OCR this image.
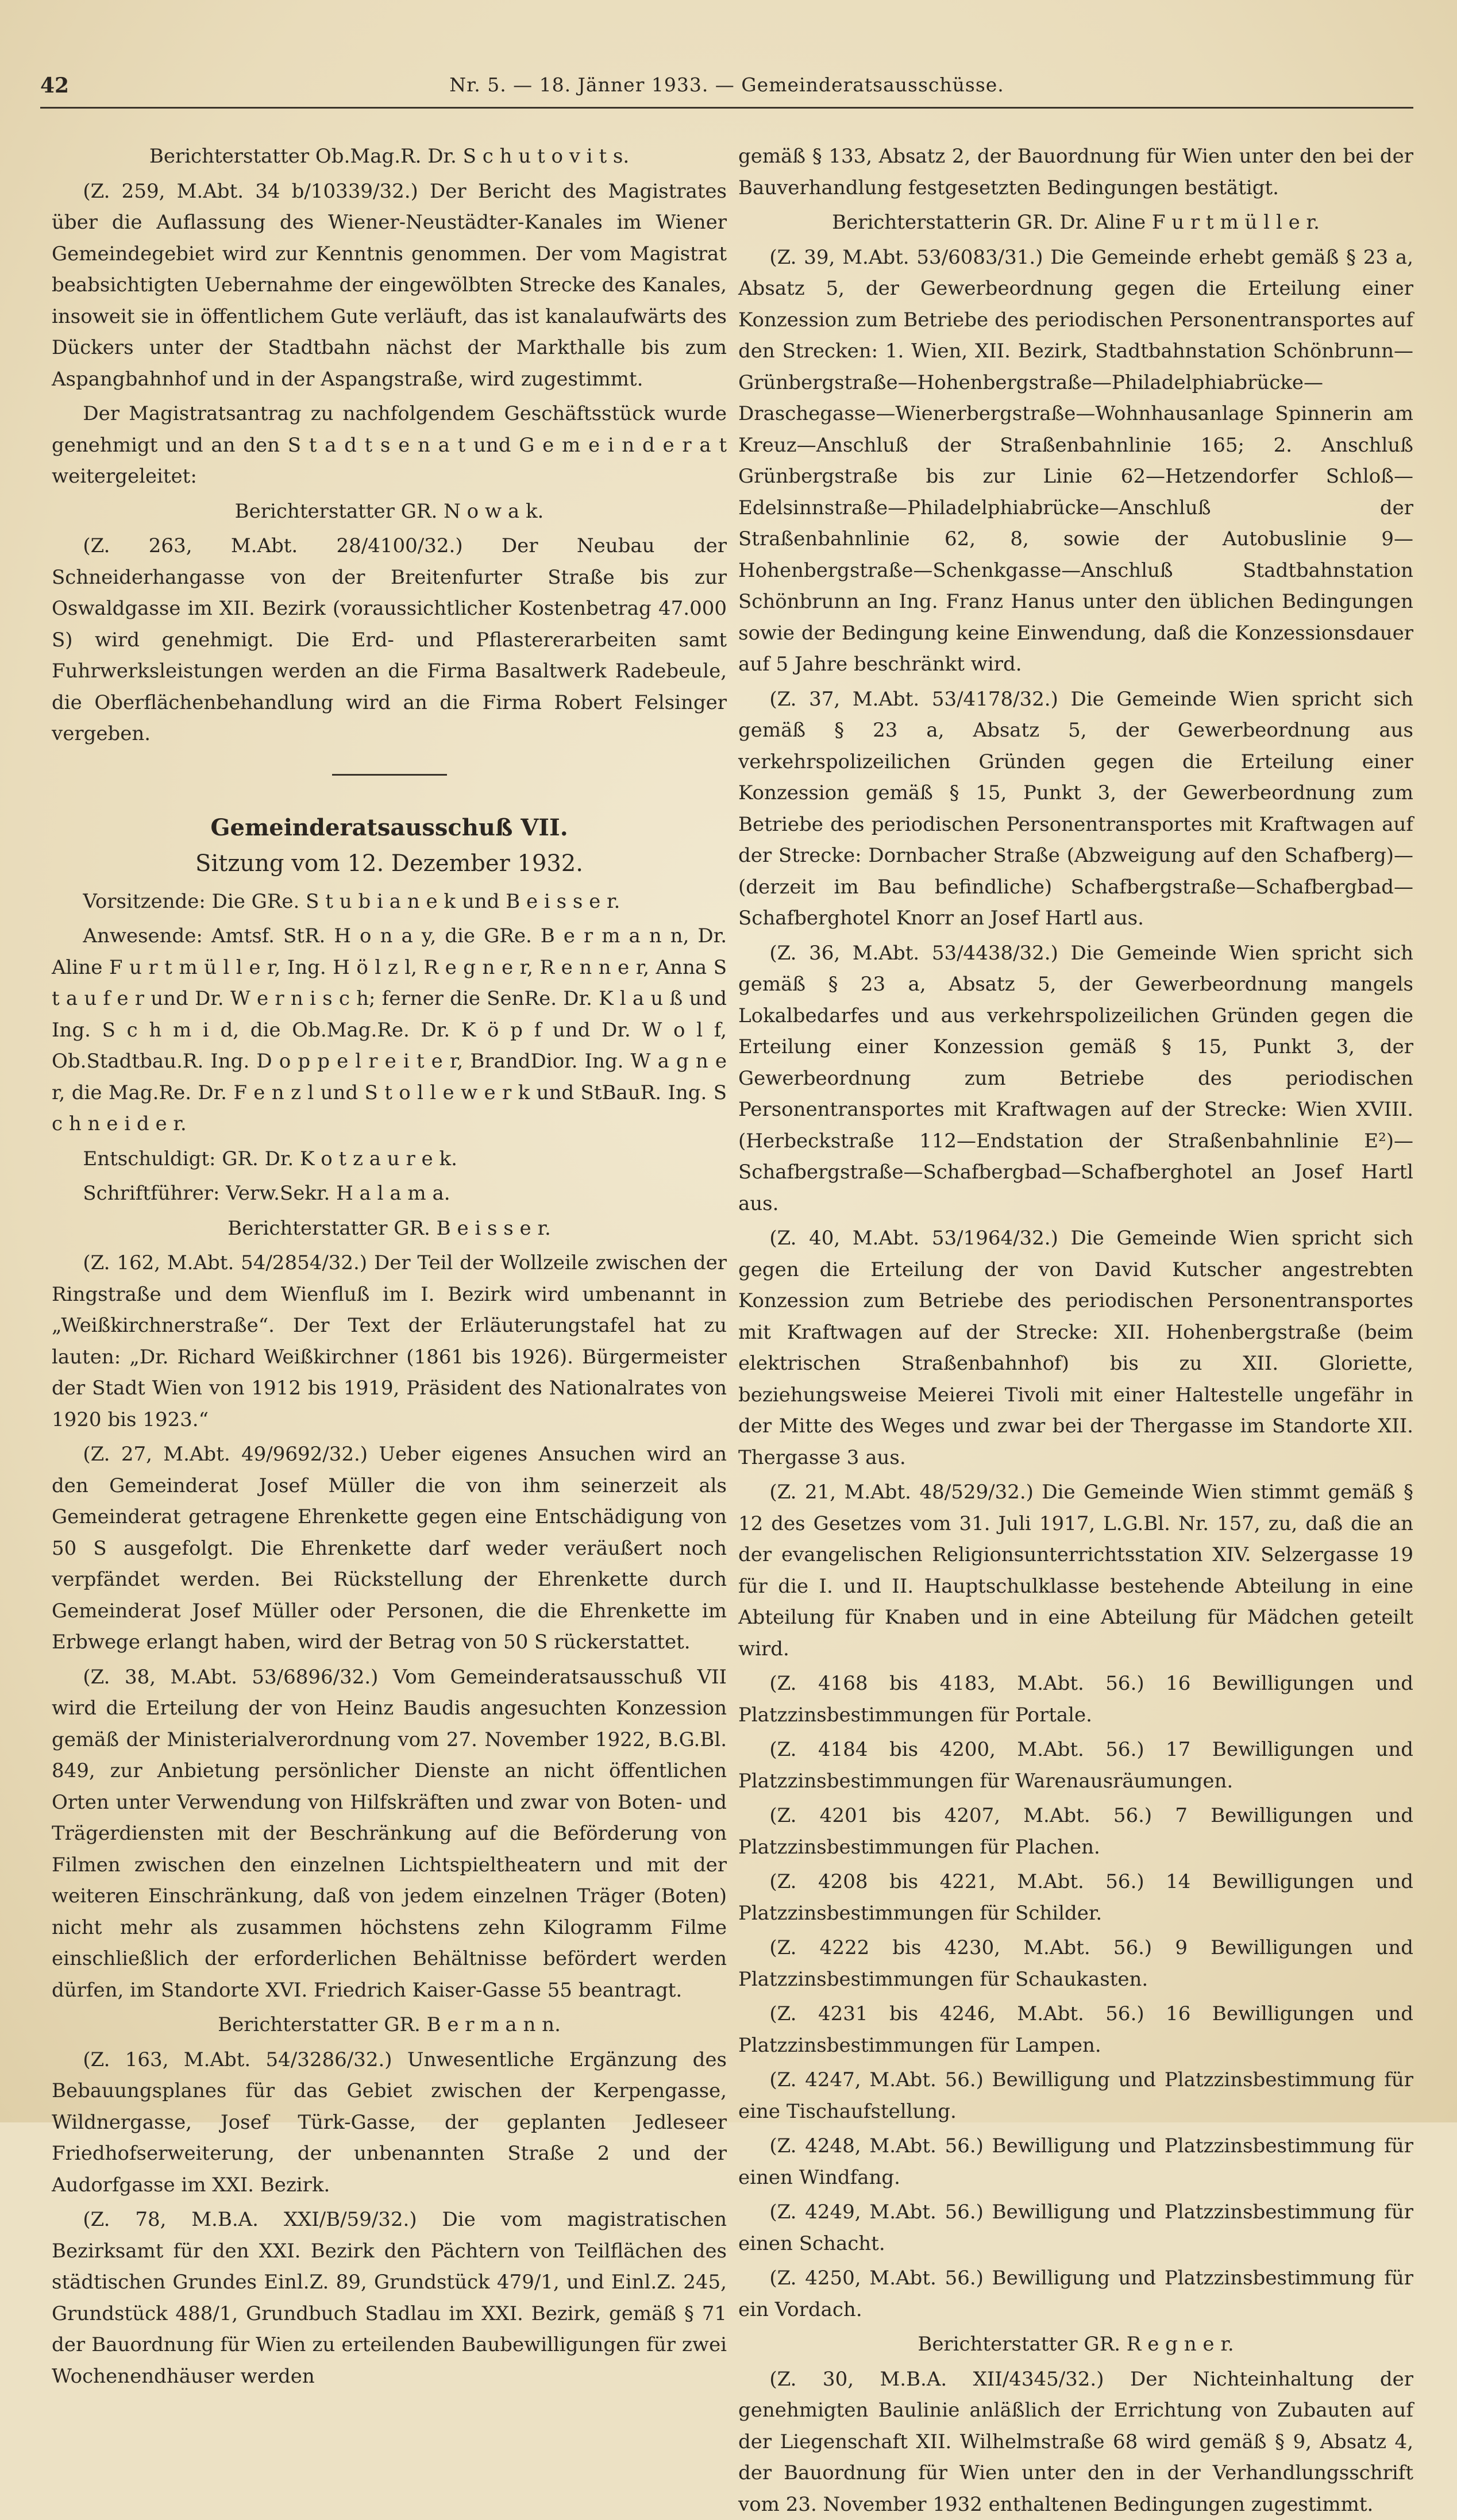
42	Nr. 5. — 18. Jänner 1933. — Gemeinderatsausschüsse.

Berichterstatter Ob.Mag.R. Dr. S c h u t o v i t s.

(Z. 259, M.Abt. 34 b/10339/32.) Der Bericht des Magistrates über die Auflassung des Wiener-Neustädter-Kanales im Wiener Gemeindegebiet wird zur Kenntnis genommen. Der vom Magistrat beabsichtigten Uebernahme der eingewölbten Strecke des Kanales, insoweit sie in öffentlichem Gute verläuft, das ist kanalaufwärts des Dückers unter der Stadtbahn nächst der Markthalle bis zum Aspangbahnhof und in der Aspangstraße, wird zugestimmt.

Der Magistratsantrag zu nachfolgendem Geschäftsstück wurde genehmigt und an den S t a d t s e n a t und G e m e i n d e r a t weitergeleitet:

Berichterstatter GR. N o w a k.

(Z. 263, M.Abt. 28/4100/32.) Der Neubau der Schneiderhangasse von der Breitenfurter Straße bis zur Oswaldgasse im XII. Bezirk (voraussichtlicher Kostenbetrag 47.000 S) wird genehmigt. Die Erd- und Pflastererarbeiten samt Fuhrwerksleistungen werden an die Firma Basaltwerk Radebeule, die Oberflächenbehandlung wird an die Firma Robert Felsinger vergeben.

Gemeinderatsausschuß VII.

Sitzung vom 12. Dezember 1932.

Vorsitzende: Die GRe. S t u b i a n e k und B e i s s e r.

Anwesende: Amtsf. StR. H o n a y, die GRe. B e r m a n n, Dr. Aline F u r t m ü l l e r, Ing. H ö l z l, R e g n e r, R e n n e r, Anna S t a u f e r und Dr. W e r n i s c h; ferner die SenRe. Dr. K l a u ß und Ing. S c h m i d, die Ob.Mag.Re. Dr. K ö p f und Dr. W o l f, Ob.Stadtbau.R. Ing. D o p p e l r e i t e r, BrandDior. Ing. W a g n e r, die Mag.Re. Dr. F e n z l und S t o l l e w e r k und StBauR. Ing. S c h n e i d e r.

Entschuldigt: GR. Dr. K o t z a u r e k.

Schriftführer: Verw.Sekr. H a l a m a.

Berichterstatter GR. B e i s s e r.

(Z. 162, M.Abt. 54/2854/32.) Der Teil der Wollzeile zwischen der Ringstraße und dem Wienfluß im I. Bezirk wird umbenannt in „Weißkirchnerstraße“. Der Text der Erläuterungstafel hat zu lauten: „Dr. Richard Weißkirchner (1861 bis 1926). Bürgermeister der Stadt Wien von 1912 bis 1919, Präsident des Nationalrates von 1920 bis 1923.“

(Z. 27, M.Abt. 49/9692/32.) Ueber eigenes Ansuchen wird an den Gemeinderat Josef Müller die von ihm seinerzeit als Gemeinderat getragene Ehrenkette gegen eine Entschädigung von 50 S ausgefolgt. Die Ehrenkette darf weder veräußert noch verpfändet werden. Bei Rückstellung der Ehrenkette durch Gemeinderat Josef Müller oder Personen, die die Ehrenkette im Erbwege erlangt haben, wird der Betrag von 50 S rückerstattet.

(Z. 38, M.Abt. 53/6896/32.) Vom Gemeinderatsausschuß VII wird die Erteilung der von Heinz Baudis angesuchten Konzession gemäß der Ministerialverordnung vom 27. November 1922, B.G.Bl. 849, zur Anbietung persönlicher Dienste an nicht öffentlichen Orten unter Verwendung von Hilfskräften und zwar von Boten- und Trägerdiensten mit der Beschränkung auf die Beförderung von Filmen zwischen den einzelnen Lichtspieltheatern und mit der weiteren Einschränkung, daß von jedem einzelnen Träger (Boten) nicht mehr als zusammen höchstens zehn Kilogramm Filme einschließlich der erforderlichen Behältnisse befördert werden dürfen, im Standorte XVI. Friedrich Kaiser-Gasse 55 beantragt.

Berichterstatter GR. B e r m a n n.

(Z. 163, M.Abt. 54/3286/32.) Unwesentliche Ergänzung des Bebauungsplanes für das Gebiet zwischen der Kerpengasse, Wildnergasse, Josef Türk-Gasse, der geplanten Jedleseer Friedhofserweiterung, der unbenannten Straße 2 und der Audorfgasse im XXI. Bezirk.

(Z. 78, M.B.A. XXI/B/59/32.) Die vom magistratischen Bezirksamt für den XXI. Bezirk den Pächtern von Teilflächen des städtischen Grundes Einl.Z. 89, Grundstück 479/1, und Einl.Z. 245, Grundstück 488/1, Grundbuch Stadlau im XXI. Bezirk, gemäß § 71 der Bauordnung für Wien zu erteilenden Baubewilligungen für zwei Wochenendhäuser werden

gemäß § 133, Absatz 2, der Bauordnung für Wien unter den bei der Bauverhandlung festgesetzten Bedingungen bestätigt.

Berichterstatterin GR. Dr. Aline F u r t m ü l l e r.

(Z. 39, M.Abt. 53/6083/31.) Die Gemeinde erhebt gemäß § 23 a, Absatz 5, der Gewerbeordnung gegen die Erteilung einer Konzession zum Betriebe des periodischen Personentransportes auf den Strecken: 1. Wien, XII. Bezirk, Stadtbahnstation Schönbrunn—Grünbergstraße—Hohenbergstraße—Philadelphiabrücke—Draschegasse—Wienerbergstraße—Wohnhausanlage Spinnerin am Kreuz—Anschluß der Straßenbahnlinie 165; 2. Anschluß Grünbergstraße bis zur Linie 62—Hetzendorfer Schloß—Edelsinnstraße—Philadelphiabrücke—Anschluß der Straßenbahnlinie 62, 8, sowie der Autobuslinie 9—Hohenbergstraße—Schenkgasse—Anschluß Stadtbahnstation Schönbrunn an Ing. Franz Hanus unter den üblichen Bedingungen sowie der Bedingung keine Einwendung, daß die Konzessionsdauer auf 5 Jahre beschränkt wird.

(Z. 37, M.Abt. 53/4178/32.) Die Gemeinde Wien spricht sich gemäß § 23 a, Absatz 5, der Gewerbeordnung aus verkehrspolizeilichen Gründen gegen die Erteilung einer Konzession gemäß § 15, Punkt 3, der Gewerbeordnung zum Betriebe des periodischen Personentransportes mit Kraftwagen auf der Strecke: Dornbacher Straße (Abzweigung auf den Schafberg)—(derzeit im Bau befindliche) Schafbergstraße—Schafbergbad—Schafberghotel Knorr an Josef Hartl aus.

(Z. 36, M.Abt. 53/4438/32.) Die Gemeinde Wien spricht sich gemäß § 23 a, Absatz 5, der Gewerbeordnung mangels Lokalbedarfes und aus verkehrspolizeilichen Gründen gegen die Erteilung einer Konzession gemäß § 15, Punkt 3, der Gewerbeordnung zum Betriebe des periodischen Personentransportes mit Kraftwagen auf der Strecke: Wien XVIII. (Herbeckstraße 112—Endstation der Straßenbahnlinie E²)—Schafbergstraße—Schafbergbad—Schafberghotel an Josef Hartl aus.

(Z. 40, M.Abt. 53/1964/32.) Die Gemeinde Wien spricht sich gegen die Erteilung der von David Kutscher angestrebten Konzession zum Betriebe des periodischen Personentransportes mit Kraftwagen auf der Strecke: XII. Hohenbergstraße (beim elektrischen Straßenbahnhof) bis zu XII. Gloriette, beziehungsweise Meierei Tivoli mit einer Haltestelle ungefähr in der Mitte des Weges und zwar bei der Thergasse im Standorte XII. Thergasse 3 aus.

(Z. 21, M.Abt. 48/529/32.) Die Gemeinde Wien stimmt gemäß § 12 des Gesetzes vom 31. Juli 1917, L.G.Bl. Nr. 157, zu, daß die an der evangelischen Religionsunterrichtsstation XIV. Selzergasse 19 für die I. und II. Hauptschulklasse bestehende Abteilung in eine Abteilung für Knaben und in eine Abteilung für Mädchen geteilt wird.

(Z. 4168 bis 4183, M.Abt. 56.) 16 Bewilligungen und Platzzinsbestimmungen für Portale.

(Z. 4184 bis 4200, M.Abt. 56.) 17 Bewilligungen und Platzzinsbestimmungen für Warenausräumungen.

(Z. 4201 bis 4207, M.Abt. 56.) 7 Bewilligungen und Platzzinsbestimmungen für Plachen.

(Z. 4208 bis 4221, M.Abt. 56.) 14 Bewilligungen und Platzzinsbestimmungen für Schilder.

(Z. 4222 bis 4230, M.Abt. 56.) 9 Bewilligungen und Platzzinsbestimmungen für Schaukasten.

(Z. 4231 bis 4246, M.Abt. 56.) 16 Bewilligungen und Platzzinsbestimmungen für Lampen.

(Z. 4247, M.Abt. 56.) Bewilligung und Platzzinsbestimmung für eine Tischaufstellung.

(Z. 4248, M.Abt. 56.) Bewilligung und Platzzinsbestimmung für einen Windfang.

(Z. 4249, M.Abt. 56.) Bewilligung und Platzzinsbestimmung für einen Schacht.

(Z. 4250, M.Abt. 56.) Bewilligung und Platzzinsbestimmung für ein Vordach.

Berichterstatter GR. R e g n e r.

(Z. 30, M.B.A. XII/4345/32.) Der Nichteinhaltung der genehmigten Baulinie anläßlich der Errichtung von Zubauten auf der Liegenschaft XII. Wilhelmstraße 68 wird gemäß § 9, Absatz 4, der Bauordnung für Wien unter den in der Verhandlungsschrift vom 23. November 1932 enthaltenen Bedingungen zugestimmt.
